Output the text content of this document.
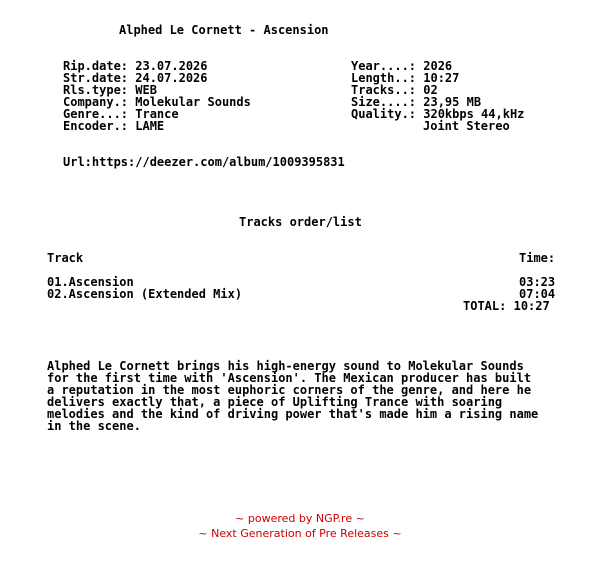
Alphed Le Cornett - Ascension
Rip.date: 23.07.2026
Str.date: 24.07.2026
Rls.type: WEB
Company.: Molekular Sounds
Genre...: Trance
Encoder.: LAME
Year....: 2026
Length..: 10:27
Tracks..: 02
Size....: 23,95 MB
Quality.: 320kbps 44,kHz
Joint Stereo
Url:https://deezer.com/album/1009395831
Tracks order/list
Track	Time:
01.Ascension	03:23
02.Ascension (Extended Mix)	07:04
TOTAL: 10:27
Alphed Le Cornett brings his high-energy sound to Molekular Sounds
for the first time with 'Ascension'. The Mexican producer has built
a reputation in the most euphoric corners of the genre, and here he
delivers exactly that, a piece of Uplifting Trance with soaring
melodies and the kind of driving power that's made him a rising name
in the scene.
~ powered by NGP.re ~
~ Next Generation of Pre Releases ~
